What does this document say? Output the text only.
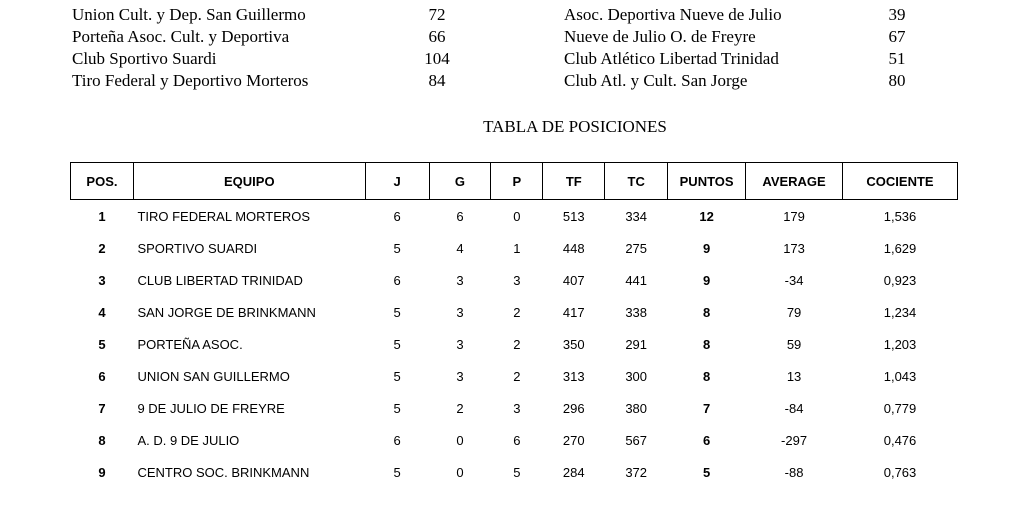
Union Cult. y Dep. San Guillermo	72	Asoc. Deportiva Nueve de Julio	39
Porteña Asoc. Cult. y Deportiva	66	Nueve de Julio O. de Freyre	67
Club Sportivo Suardi	104	Club Atlético Libertad Trinidad	51
Tiro Federal y Deportivo Morteros	84	Club Atl. y Cult. San Jorge	80
TABLA DE POSICIONES
POS.	EQUIPO	J	G	P	TF	TC	PUNTOS	AVERAGE	COCIENTE
1	TIRO FEDERAL MORTEROS	6	6	0	513	334	12	179	1,536
2	SPORTIVO SUARDI	5	4	1	448	275	9	173	1,629
3	CLUB LIBERTAD TRINIDAD	6	3	3	407	441	9	-34	0,923
4	SAN JORGE DE BRINKMANN	5	3	2	417	338	8	79	1,234
5	PORTEÑA ASOC.	5	3	2	350	291	8	59	1,203
6	UNION SAN GUILLERMO	5	3	2	313	300	8	13	1,043
7	9 DE JULIO DE FREYRE	5	2	3	296	380	7	-84	0,779
8	A. D. 9 DE JULIO	6	0	6	270	567	6	-297	0,476
9	CENTRO SOC. BRINKMANN	5	0	5	284	372	5	-88	0,763
